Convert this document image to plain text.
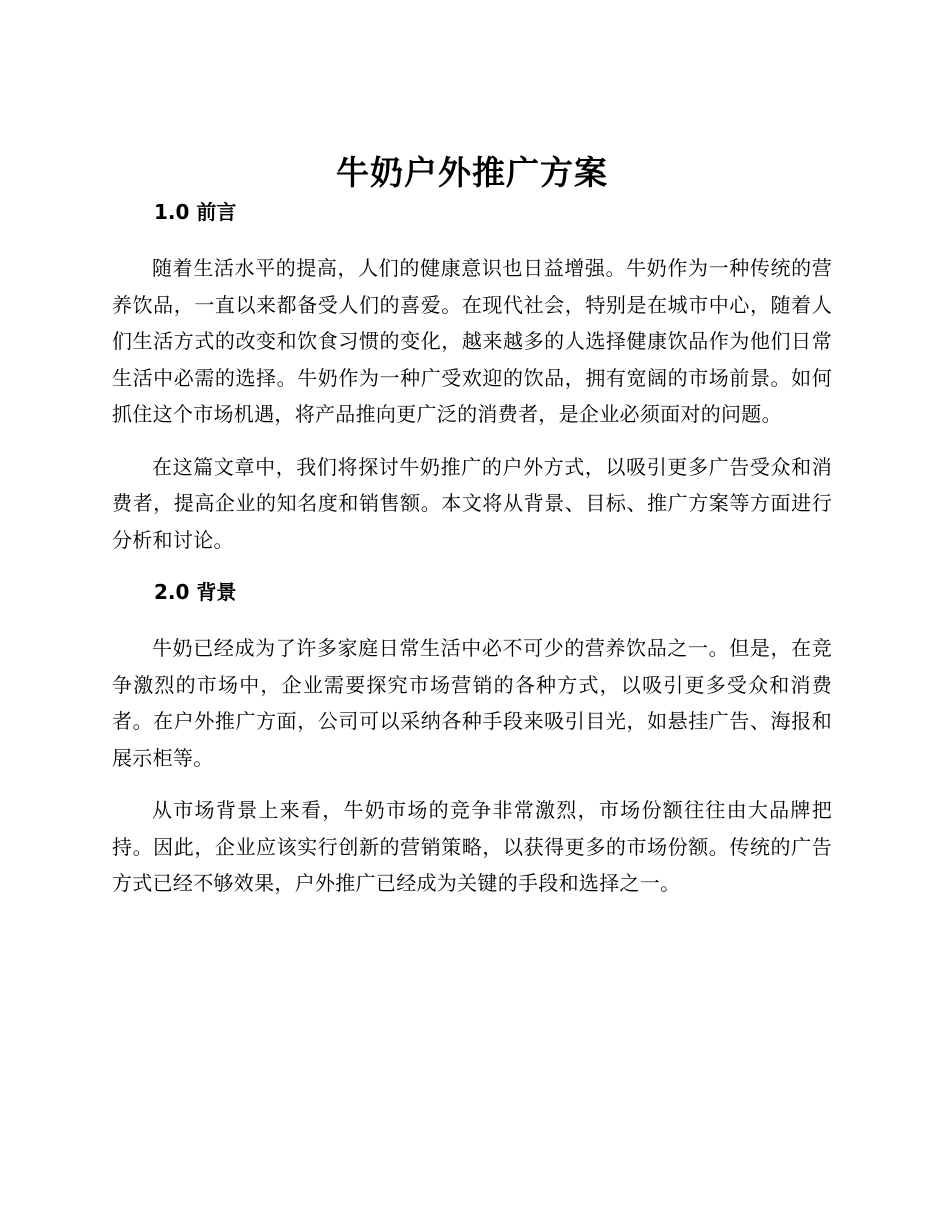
牛奶户外推广方案
1.0 前言

随着生活水平的提高，人们的健康意识也日益增强。牛奶作为一种传统的营养饮品，一直以来都备受人们的喜爱。在现代社会，特别是在城市中心，随着人们生活方式的改变和饮食习惯的变化，越来越多的人选择健康饮品作为他们日常生活中必需的选择。牛奶作为一种广受欢迎的饮品，拥有宽阔的市场前景。如何抓住这个市场机遇，将产品推向更广泛的消费者，是企业必须面对的问题。

在这篇文章中，我们将探讨牛奶推广的户外方式，以吸引更多广告受众和消费者，提高企业的知名度和销售额。本文将从背景、目标、推广方案等方面进行分析和讨论。

2.0 背景

牛奶已经成为了许多家庭日常生活中必不可少的营养饮品之一。但是，在竞争激烈的市场中，企业需要探究市场营销的各种方式，以吸引更多受众和消费者。在户外推广方面，公司可以采纳各种手段来吸引目光，如悬挂广告、海报和展示柜等。

从市场背景上来看，牛奶市场的竞争非常激烈，市场份额往往由大品牌把持。因此，企业应该实行创新的营销策略，以获得更多的市场份额。传统的广告方式已经不够效果，户外推广已经成为关键的手段和选择之一。
